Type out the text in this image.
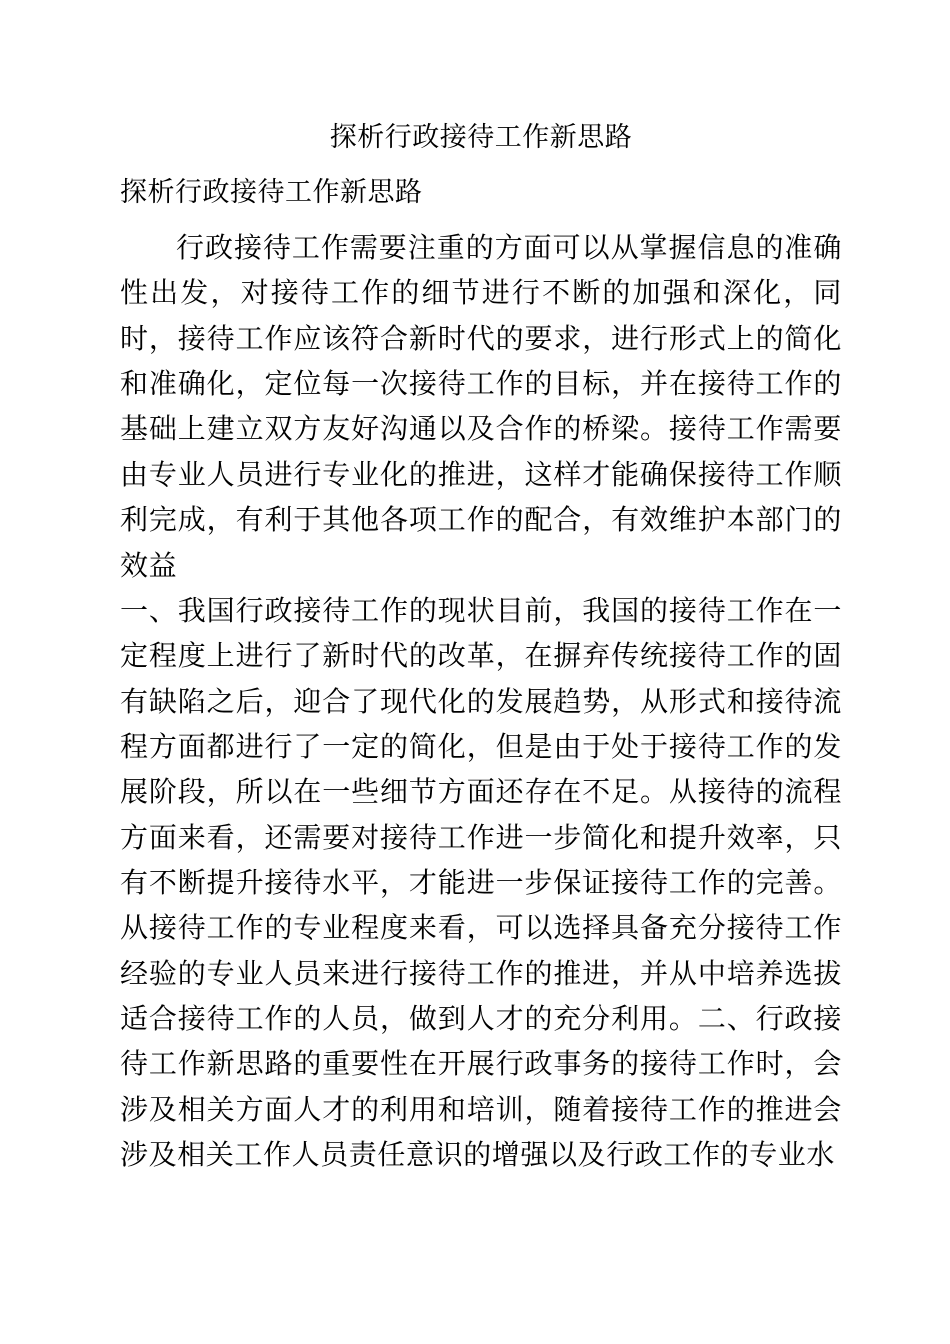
探析行政接待工作新思路
探析行政接待工作新思路

行政接待工作需要注重的方面可以从掌握信息的准确性出发，对接待工作的细节进行不断的加强和深化，同时，接待工作应该符合新时代的要求，进行形式上的简化和准确化，定位每一次接待工作的目标，并在接待工作的基础上建立双方友好沟通以及合作的桥梁。接待工作需要由专业人员进行专业化的推进，这样才能确保接待工作顺利完成，有利于其他各项工作的配合，有效维护本部门的效益

一、我国行政接待工作的现状目前，我国的接待工作在一定程度上进行了新时代的改革，在摒弃传统接待工作的固有缺陷之后，迎合了现代化的发展趋势，从形式和接待流程方面都进行了一定的简化，但是由于处于接待工作的发展阶段，所以在一些细节方面还存在不足。从接待的流程方面来看，还需要对接待工作进一步简化和提升效率，只有不断提升接待水平，才能进一步保证接待工作的完善。从接待工作的专业程度来看，可以选择具备充分接待工作经验的专业人员来进行接待工作的推进，并从中培养选拔适合接待工作的人员，做到人才的充分利用。二、行政接待工作新思路的重要性在开展行政事务的接待工作时，会涉及相关方面人才的利用和培训，随着接待工作的推进会涉及相关工作人员责任意识的增强以及行政工作的专业水
